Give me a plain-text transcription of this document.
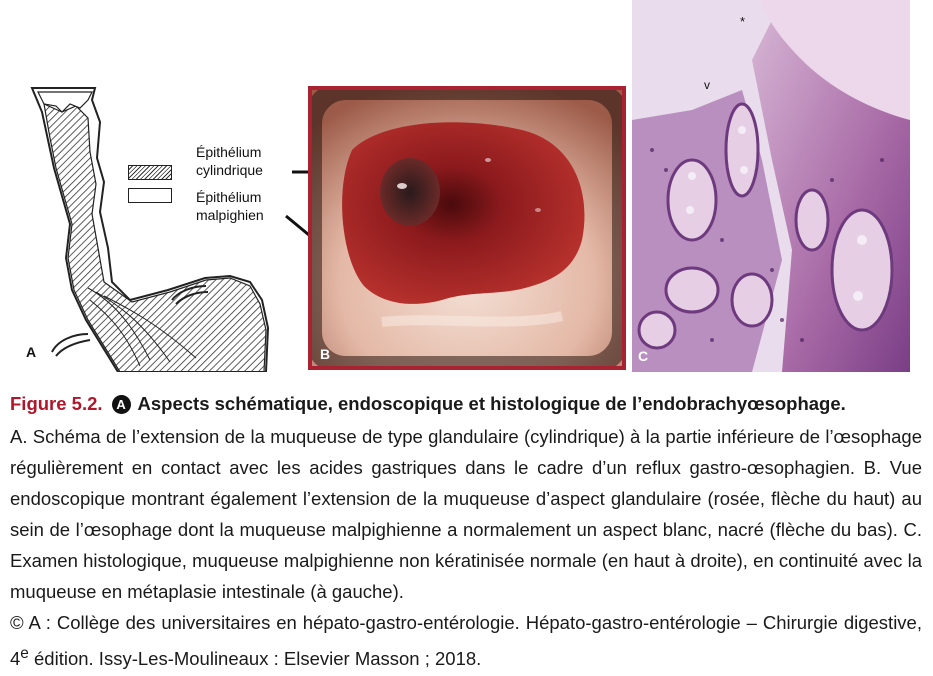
Épithélium
cylindrique
Épithélium
malpighien
A	B
*
v
C
Figure 5.2. A Aspects schématique, endoscopique et histologique de l’endobrachyœsophage.
A. Schéma de l’extension de la muqueuse de type glandulaire (cylindrique) à la partie inférieure de l’œsophage régulièrement en contact avec les acides gastriques dans le cadre d’un reflux gastro-œsophagien. B. Vue endoscopique montrant également l’extension de la muqueuse d’aspect glandulaire (rosée, flèche du haut) au sein de l’œsophage dont la muqueuse malpighienne a normalement un aspect blanc, nacré (flèche du bas). C. Examen histologique, muqueuse malpighienne non kératinisée normale (en haut à droite), en continuité avec la muqueuse en métaplasie intestinale (à gauche).
© A : Collège des universitaires en hépato-gastro-entérologie. Hépato-gastro-entérologie – Chirurgie digestive, 4e édition. Issy-Les-Moulineaux : Elsevier Masson ; 2018.
